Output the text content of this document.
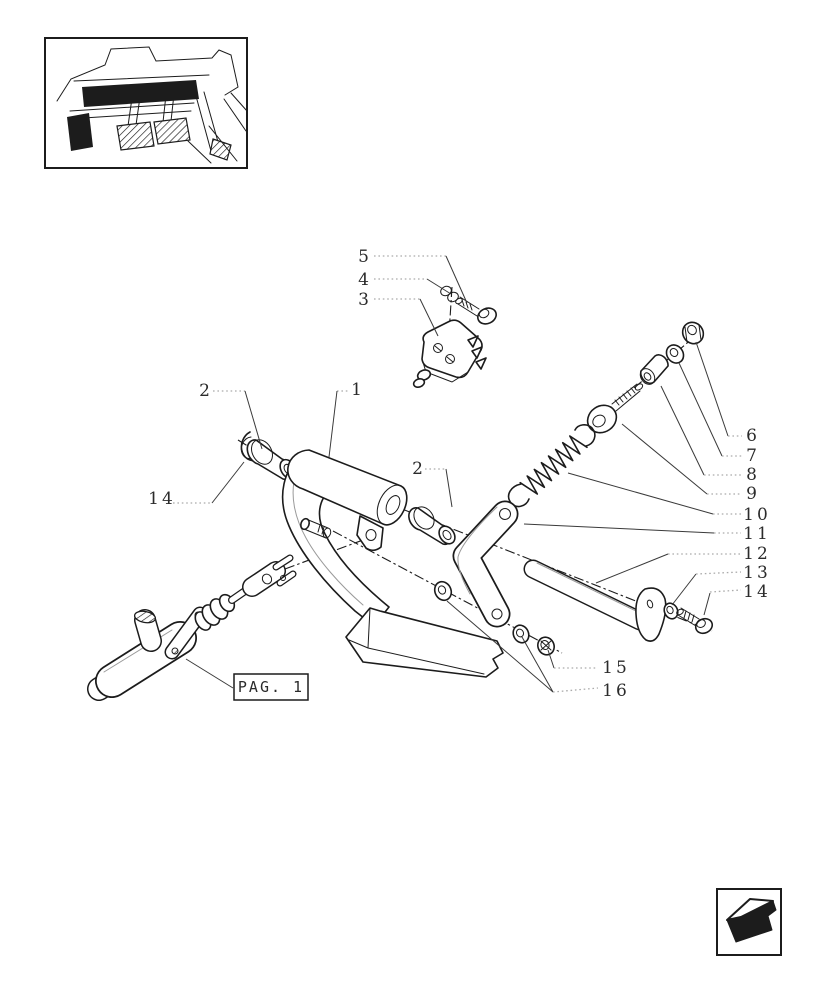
5
4
3
1
2
14
2
6
7
8
9
10
11
12
13
14
15
16
PAG. 1
